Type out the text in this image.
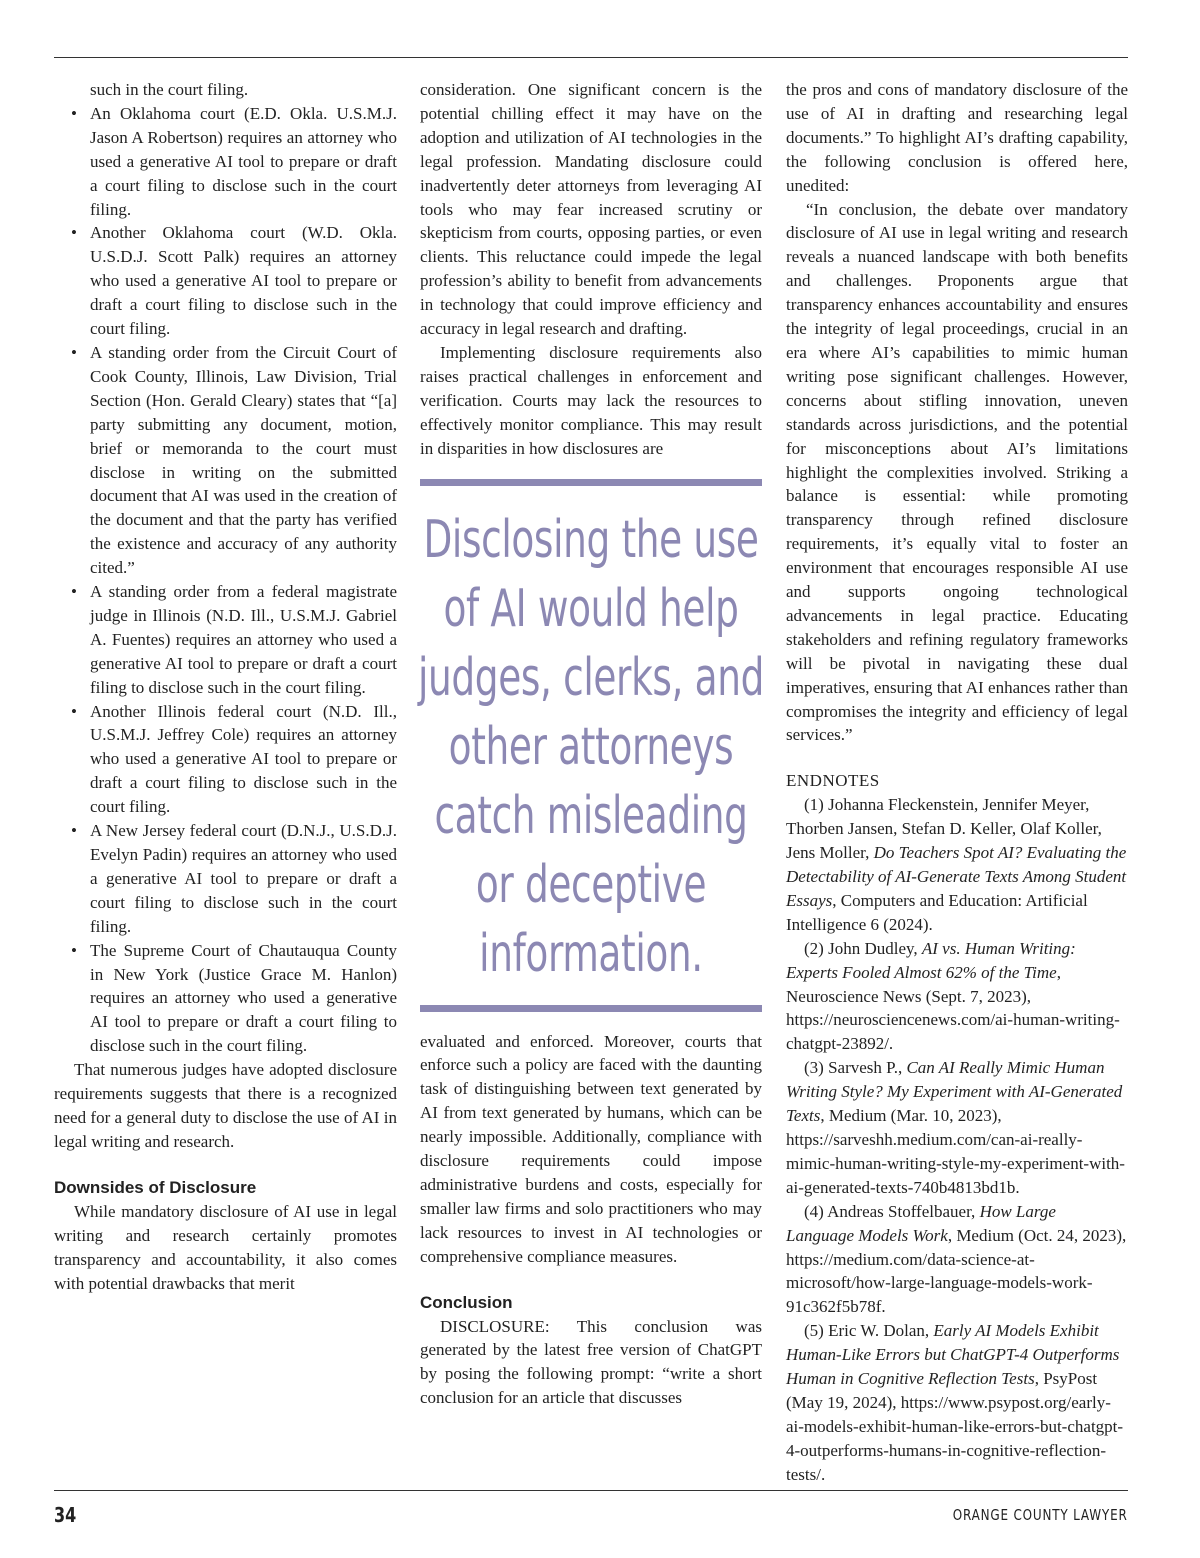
such in the court filing.

• An Oklahoma court (E.D. Okla. U.S.M.J. Jason A Robertson) requires an attorney who used a generative AI tool to prepare or draft a court filing to disclose such in the court filing.
• Another Oklahoma court (W.D. Okla. U.S.D.J. Scott Palk) requires an attorney who used a generative AI tool to prepare or draft a court filing to disclose such in the court filing.
• A standing order from the Circuit Court of Cook County, Illinois, Law Division, Trial Section (Hon. Gerald Cleary) states that “[a] party submitting any document, motion, brief or memoranda to the court must disclose in writing on the submitted document that AI was used in the creation of the document and that the party has verified the existence and accuracy of any authority cited.”
• A standing order from a federal magistrate judge in Illinois (N.D. Ill., U.S.M.J. Gabriel A. Fuentes) requires an attorney who used a generative AI tool to prepare or draft a court filing to disclose such in the court filing.
• Another Illinois federal court (N.D. Ill., U.S.M.J. Jeffrey Cole) requires an attorney who used a generative AI tool to prepare or draft a court filing to disclose such in the court filing.
• A New Jersey federal court (D.N.J., U.S.D.J. Evelyn Padin) requires an attorney who used a generative AI tool to prepare or draft a court filing to disclose such in the court filing.
• The Supreme Court of Chautauqua County in New York (Justice Grace M. Hanlon) requires an attorney who used a generative AI tool to prepare or draft a court filing to disclose such in the court filing.

That numerous judges have adopted disclosure requirements suggests that there is a recognized need for a general duty to disclose the use of AI in legal writing and research.

Downsides of Disclosure

While mandatory disclosure of AI use in legal writing and research certainly promotes transparency and accountability, it also comes with potential drawbacks that merit

consideration. One significant concern is the potential chilling effect it may have on the adoption and utilization of AI technologies in the legal profession. Mandating disclosure could inadvertently deter attorneys from leveraging AI tools who may fear increased scrutiny or skepticism from courts, opposing parties, or even clients. This reluctance could impede the legal profession’s ability to benefit from advancements in technology that could improve efficiency and accuracy in legal research and drafting.

Implementing disclosure requirements also raises practical challenges in enforcement and verification. Courts may lack the resources to effectively monitor compliance. This may result in disparities in how disclosures are

Disclosing the use of AI would help judges, clerks, and other attorneys catch misleading or deceptive information.

evaluated and enforced. Moreover, courts that enforce such a policy are faced with the daunting task of distinguishing between text generated by AI from text generated by humans, which can be nearly impossible. Additionally, compliance with disclosure requirements could impose administrative burdens and costs, especially for smaller law firms and solo practitioners who may lack resources to invest in AI technologies or comprehensive compliance measures.

Conclusion

DISCLOSURE: This conclusion was generated by the latest free version of ChatGPT by posing the following prompt: “write a short conclusion for an article that discusses

the pros and cons of mandatory disclosure of the use of AI in drafting and researching legal documents.” To highlight AI’s drafting capability, the following conclusion is offered here, unedited:

“In conclusion, the debate over mandatory disclosure of AI use in legal writing and research reveals a nuanced landscape with both benefits and challenges. Proponents argue that transparency enhances accountability and ensures the integrity of legal proceedings, crucial in an era where AI’s capabilities to mimic human writing pose significant challenges. However, concerns about stifling innovation, uneven standards across jurisdictions, and the potential for misconceptions about AI’s limitations highlight the complexities involved. Striking a balance is essential: while promoting transparency through refined disclosure requirements, it’s equally vital to foster an environment that encourages responsible AI use and supports ongoing technological advancements in legal practice. Educating stakeholders and refining regulatory frameworks will be pivotal in navigating these dual imperatives, ensuring that AI enhances rather than compromises the integrity and efficiency of legal services.”

ENDNOTES

(1) Johanna Fleckenstein, Jennifer Meyer, Thorben Jansen, Stefan D. Keller, Olaf Koller, Jens Moller, Do Teachers Spot AI? Evaluating the Detectability of AI-Generate Texts Among Student Essays, Computers and Education: Artificial Intelligence 6 (2024).

(2) John Dudley, AI vs. Human Writing: Experts Fooled Almost 62% of the Time, Neuroscience News (Sept. 7, 2023), https://neurosciencenews.com/ai-human-writing-chatgpt-23892/.

(3) Sarvesh P., Can AI Really Mimic Human Writing Style? My Experiment with AI-Generated Texts, Medium (Mar. 10, 2023), https://sarveshh.medium.com/can-ai-really-mimic-human-writing-style-my-experiment-with-ai-generated-texts-740b4813bd1b.

(4) Andreas Stoffelbauer, How Large Language Models Work, Medium (Oct. 24, 2023), https://medium.com/data-science-at-microsoft/how-large-language-models-work-91c362f5b78f.

(5) Eric W. Dolan, Early AI Models Exhibit Human-Like Errors but ChatGPT-4 Outperforms Human in Cognitive Reflection Tests, PsyPost (May 19, 2024), https://www.psypost.org/early-ai-models-exhibit-human-like-errors-but-chatgpt-4-outperforms-humans-in-cognitive-reflection-tests/.

34	ORANGE COUNTY LAWYER
